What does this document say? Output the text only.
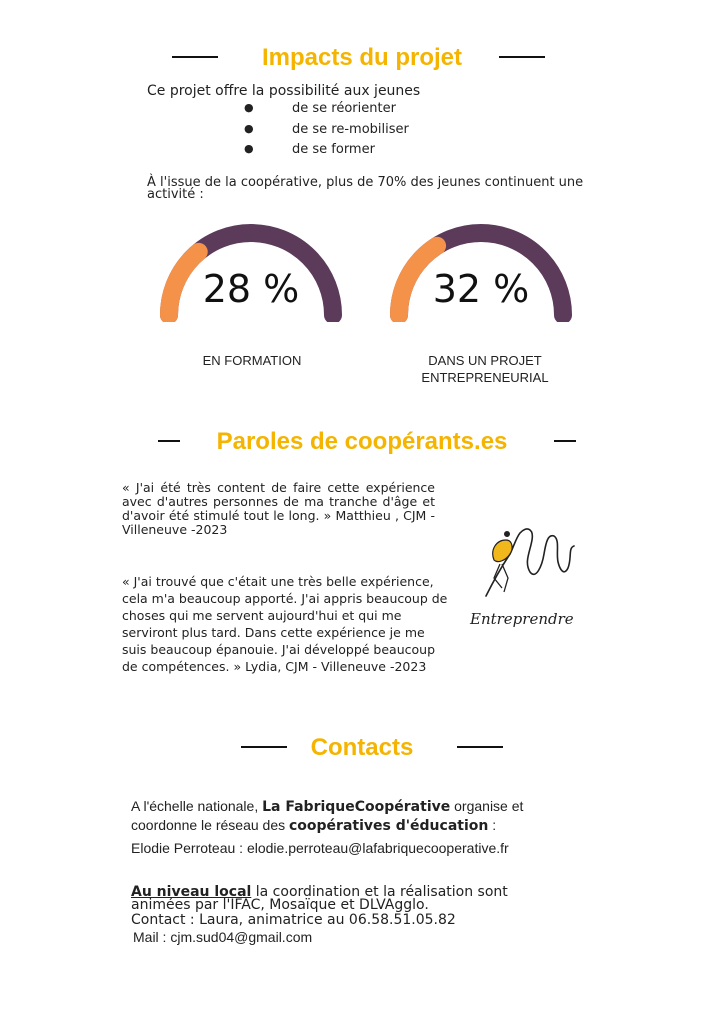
Impacts du projet
Ce projet offre la possibilité aux jeunes
●	de se réorienter
●	de se re-mobiliser
●	de se former
À l'issue de la coopérative, plus de 70% des jeunes continuent une
activité :
28 %	32 %
EN FORMATION	DANS UN PROJET
ENTREPRENEURIAL
Paroles de coopérants.es
« J'ai été très content de faire cette expérience avec d'autres personnes de ma tranche d'âge et d'avoir été stimulé tout le long. » Matthieu , CJM - Villeneuve -2023
« J'ai trouvé que c'était une très belle expérience, cela m'a beaucoup apporté. J'ai appris beaucoup de choses qui me servent aujourd'hui et qui me serviront plus tard. Dans cette expérience je me suis beaucoup épanouie. J'ai développé beaucoup de compétences. » Lydia, CJM - Villeneuve -2023
Entreprendre
Contacts
A l'échelle nationale, La FabriqueCoopérative organise et
coordonne le réseau des coopératives d'éducation :
Elodie Perroteau : elodie.perroteau@lafabriquecooperative.fr
Au niveau local la coordination et la réalisation sont
animées par l'IFAC, Mosaïque et DLVAgglo.
Contact : Laura, animatrice au 06.58.51.05.82
Mail : cjm.sud04@gmail.com
